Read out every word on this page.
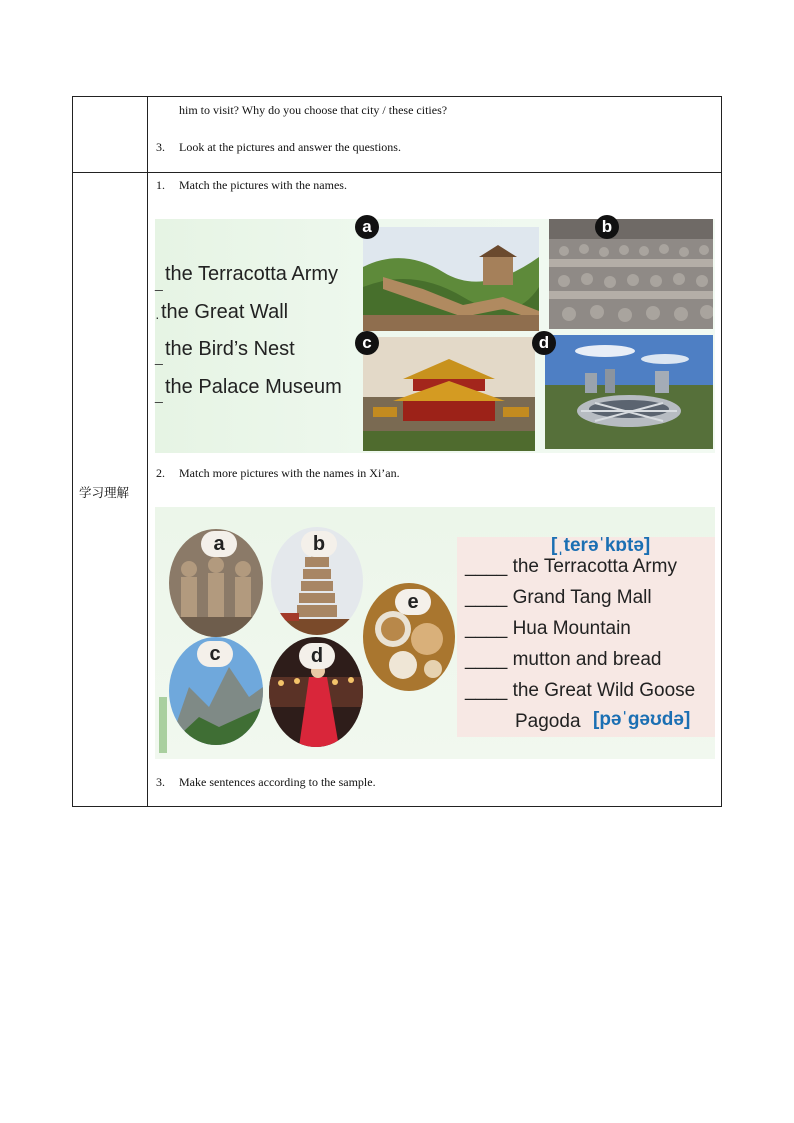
him to visit? Why do you choose that city / these cities?
3. Look at the pictures and answer the questions.
学习理解
1. Match the pictures with the names.
_ the Terracotta Army
· the Great Wall
_ the Bird’s Nest
_ the Palace Museum
a	b
c	d
2. Match more pictures with the names in Xi’an.
a	b
c	d
e
[ˌterəˈkɒtə]
____ the Terracotta Army
____ Grand Tang Mall
____ Hua Mountain
____ mutton and bread
____ the Great Wild Goose
Pagoda [pəˈɡəʊdə]
3. Make sentences according to the sample.
